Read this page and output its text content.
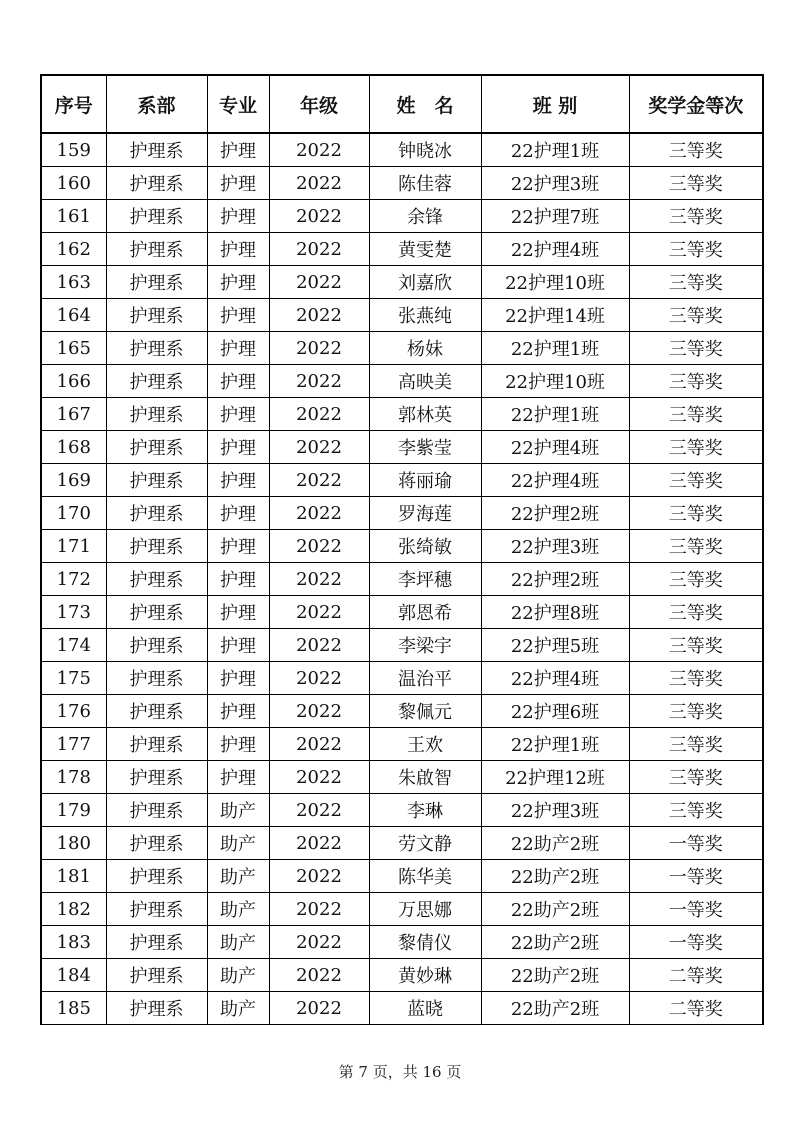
序号	系部	专业	年级	姓　名	班 别	奖学金等次
159	护理系	护理	2022	钟晓冰	22护理1班	三等奖
160	护理系	护理	2022	陈佳蓉	22护理3班	三等奖
161	护理系	护理	2022	余锋	22护理7班	三等奖
162	护理系	护理	2022	黄雯楚	22护理4班	三等奖
163	护理系	护理	2022	刘嘉欣	22护理10班	三等奖
164	护理系	护理	2022	张燕纯	22护理14班	三等奖
165	护理系	护理	2022	杨妹	22护理1班	三等奖
166	护理系	护理	2022	高映美	22护理10班	三等奖
167	护理系	护理	2022	郭林英	22护理1班	三等奖
168	护理系	护理	2022	李紫莹	22护理4班	三等奖
169	护理系	护理	2022	蒋丽瑜	22护理4班	三等奖
170	护理系	护理	2022	罗海莲	22护理2班	三等奖
171	护理系	护理	2022	张绮敏	22护理3班	三等奖
172	护理系	护理	2022	李坪穗	22护理2班	三等奖
173	护理系	护理	2022	郭恩希	22护理8班	三等奖
174	护理系	护理	2022	李梁宇	22护理5班	三等奖
175	护理系	护理	2022	温治平	22护理4班	三等奖
176	护理系	护理	2022	黎佩元	22护理6班	三等奖
177	护理系	护理	2022	王欢	22护理1班	三等奖
178	护理系	护理	2022	朱啟智	22护理12班	三等奖
179	护理系	助产	2022	李琳	22护理3班	三等奖
180	护理系	助产	2022	劳文静	22助产2班	一等奖
181	护理系	助产	2022	陈华美	22助产2班	一等奖
182	护理系	助产	2022	万思娜	22助产2班	一等奖
183	护理系	助产	2022	黎倩仪	22助产2班	一等奖
184	护理系	助产	2022	黄妙琳	22助产2班	二等奖
185	护理系	助产	2022	蓝晓	22助产2班	二等奖
第 7 页，共 16 页
